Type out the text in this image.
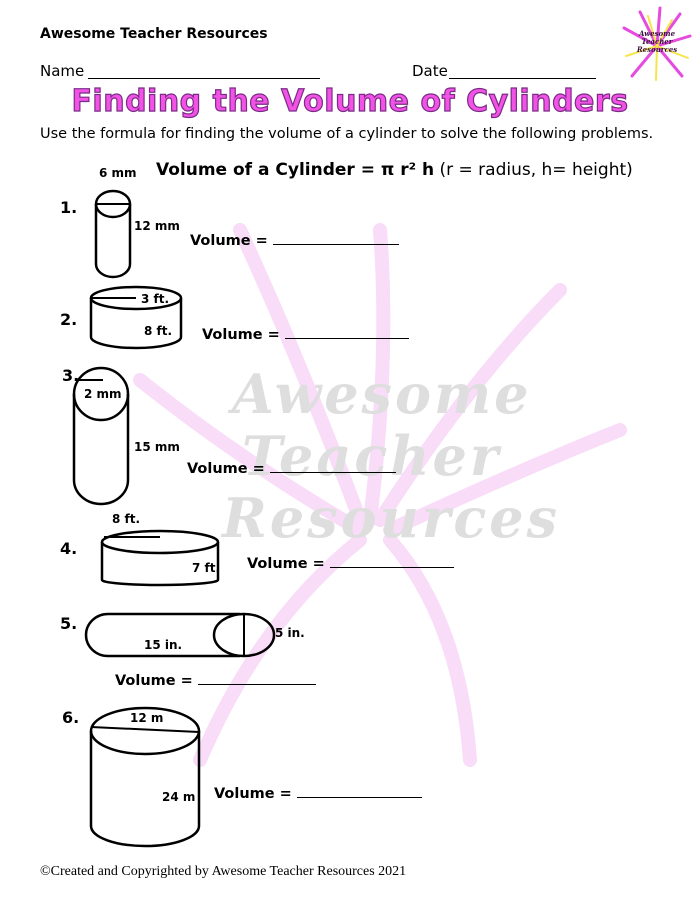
Awesome
Teacher
Resources
Awesome Teacher Resources	Awesome
Teacher
Resources
Name	Date
Finding the Volume of Cylinders
Use the formula for finding the volume of a cylinder to solve the following problems.
6 mm Volume of a Cylinder = π r² h (r = radius, h= height)
1.
12 mm
Volume =
2.
3 ft.
8 ft. Volume =
3.
2 mm
15 mm
Volume =
4.
8 ft.
7 ft. Volume =
5.
15 in.
5 in.
Volume =
6.	12 m
24 m Volume =
©Created and Copyrighted by Awesome Teacher Resources 2021
